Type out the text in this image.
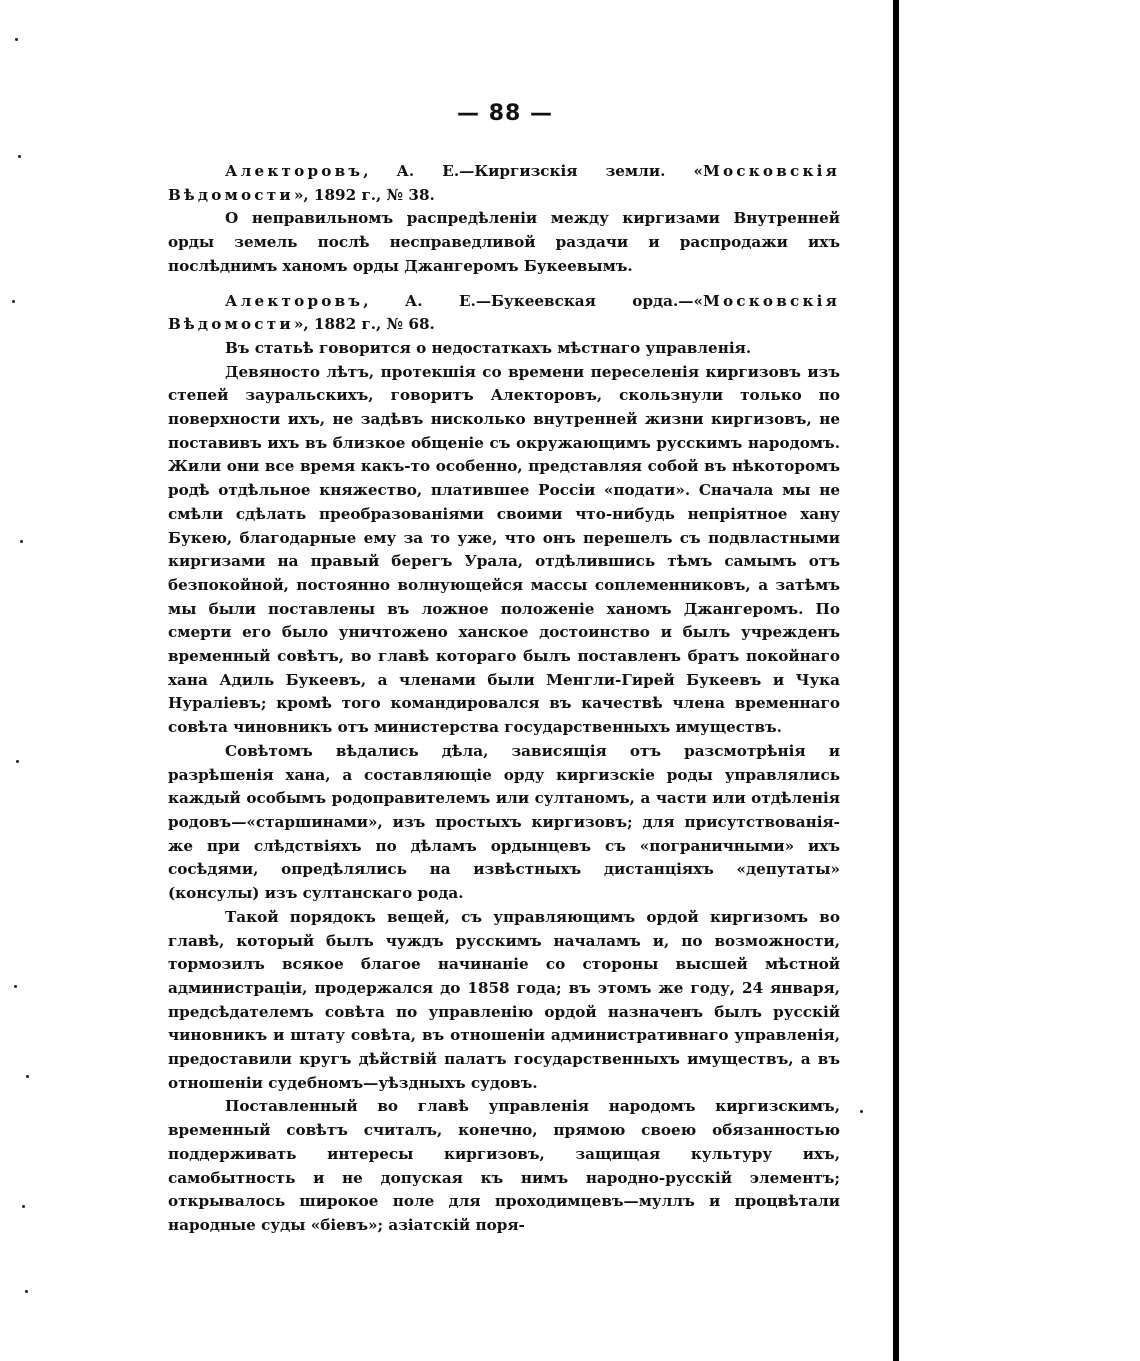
— 88 —

Алекторовъ, А. Е.—Киргизскія земли. «Московскія Вѣдомости», 1892 г., № 38.

О неправильномъ распредѣленіи между киргизами Внутренней орды земель послѣ несправедливой раздачи и распродажи ихъ послѣднимъ ханомъ орды Джангеромъ Букеевымъ.

Алекторовъ, А. Е.—Букеевская орда.—«Московскія Вѣдомости», 1882 г., № 68.

Въ статьѣ говорится о недостаткахъ мѣстнаго управленія.

Девяносто лѣтъ, протекшія со времени переселенія киргизовъ изъ степей зауральскихъ, говоритъ Алекторовъ, скользнули только по поверхности ихъ, не задѣвъ нисколько внутренней жизни киргизовъ, не поставивъ ихъ въ близкое общеніе съ окружающимъ русскимъ народомъ. Жили они все время какъ-то особенно, представляя собой въ нѣкоторомъ родѣ отдѣльное княжество, платившее Россіи «подати». Сначала мы не смѣли сдѣлать преобразованіями своими что-нибудь непріятное хану Букею, благодарные ему за то уже, что онъ перешелъ съ подвластными киргизами на правый берегъ Урала, отдѣлившись тѣмъ самымъ отъ безпокойной, постоянно волнующейся массы соплеменниковъ, а затѣмъ мы были поставлены въ ложное положеніе ханомъ Джангеромъ. По смерти его было уничтожено ханское достоинство и былъ учрежденъ временный совѣтъ, во главѣ котораго былъ поставленъ братъ покойнаго хана Адиль Букеевъ, а членами были Менгли-Гирей Букеевъ и Чука Нуралiевъ; кромѣ того командировался въ качествѣ члена временнаго совѣта чиновникъ отъ министерства государственныхъ имуществъ.

Совѣтомъ вѣдались дѣла, зависящія отъ разсмотрѣнія и разрѣшенія хана, а составляющіе орду киргизскіе роды управлялись каждый особымъ родоправителемъ или султаномъ, а части или отдѣленія родовъ—«старшинами», изъ простыхъ киргизовъ; для присутствованія-же при слѣдствіяхъ по дѣламъ ордынцевъ съ «пограничными» ихъ сосѣдями, опредѣлялись на извѣстныхъ дистанціяхъ «депутаты» (консулы) изъ султанскаго рода.

Такой порядокъ вещей, съ управляющимъ ордой киргизомъ во главѣ, который былъ чуждъ русскимъ началамъ и, по возможности, тормозилъ всякое благое начинаніе со стороны высшей мѣстной администраціи, продержался до 1858 года; въ этомъ же году, 24 января, предсѣдателемъ совѣта по управленію ордой назначенъ былъ русскій чиновникъ и штату совѣта, въ отношеніи административнаго управленія, предоставили кругъ дѣйствій палатъ государственныхъ имуществъ, а въ отношеніи судебномъ—уѣздныхъ судовъ.

Поставленный во главѣ управленія народомъ киргизскимъ, временный совѣтъ считалъ, конечно, прямою своею обязанностью поддерживать интересы киргизовъ, защищая культуру ихъ, самобытность и не допуская къ нимъ народно-русскій элементъ; открывалось широкое поле для проходимцевъ—муллъ и процвѣтали народные суды «біевъ»; азіатскій поря-
